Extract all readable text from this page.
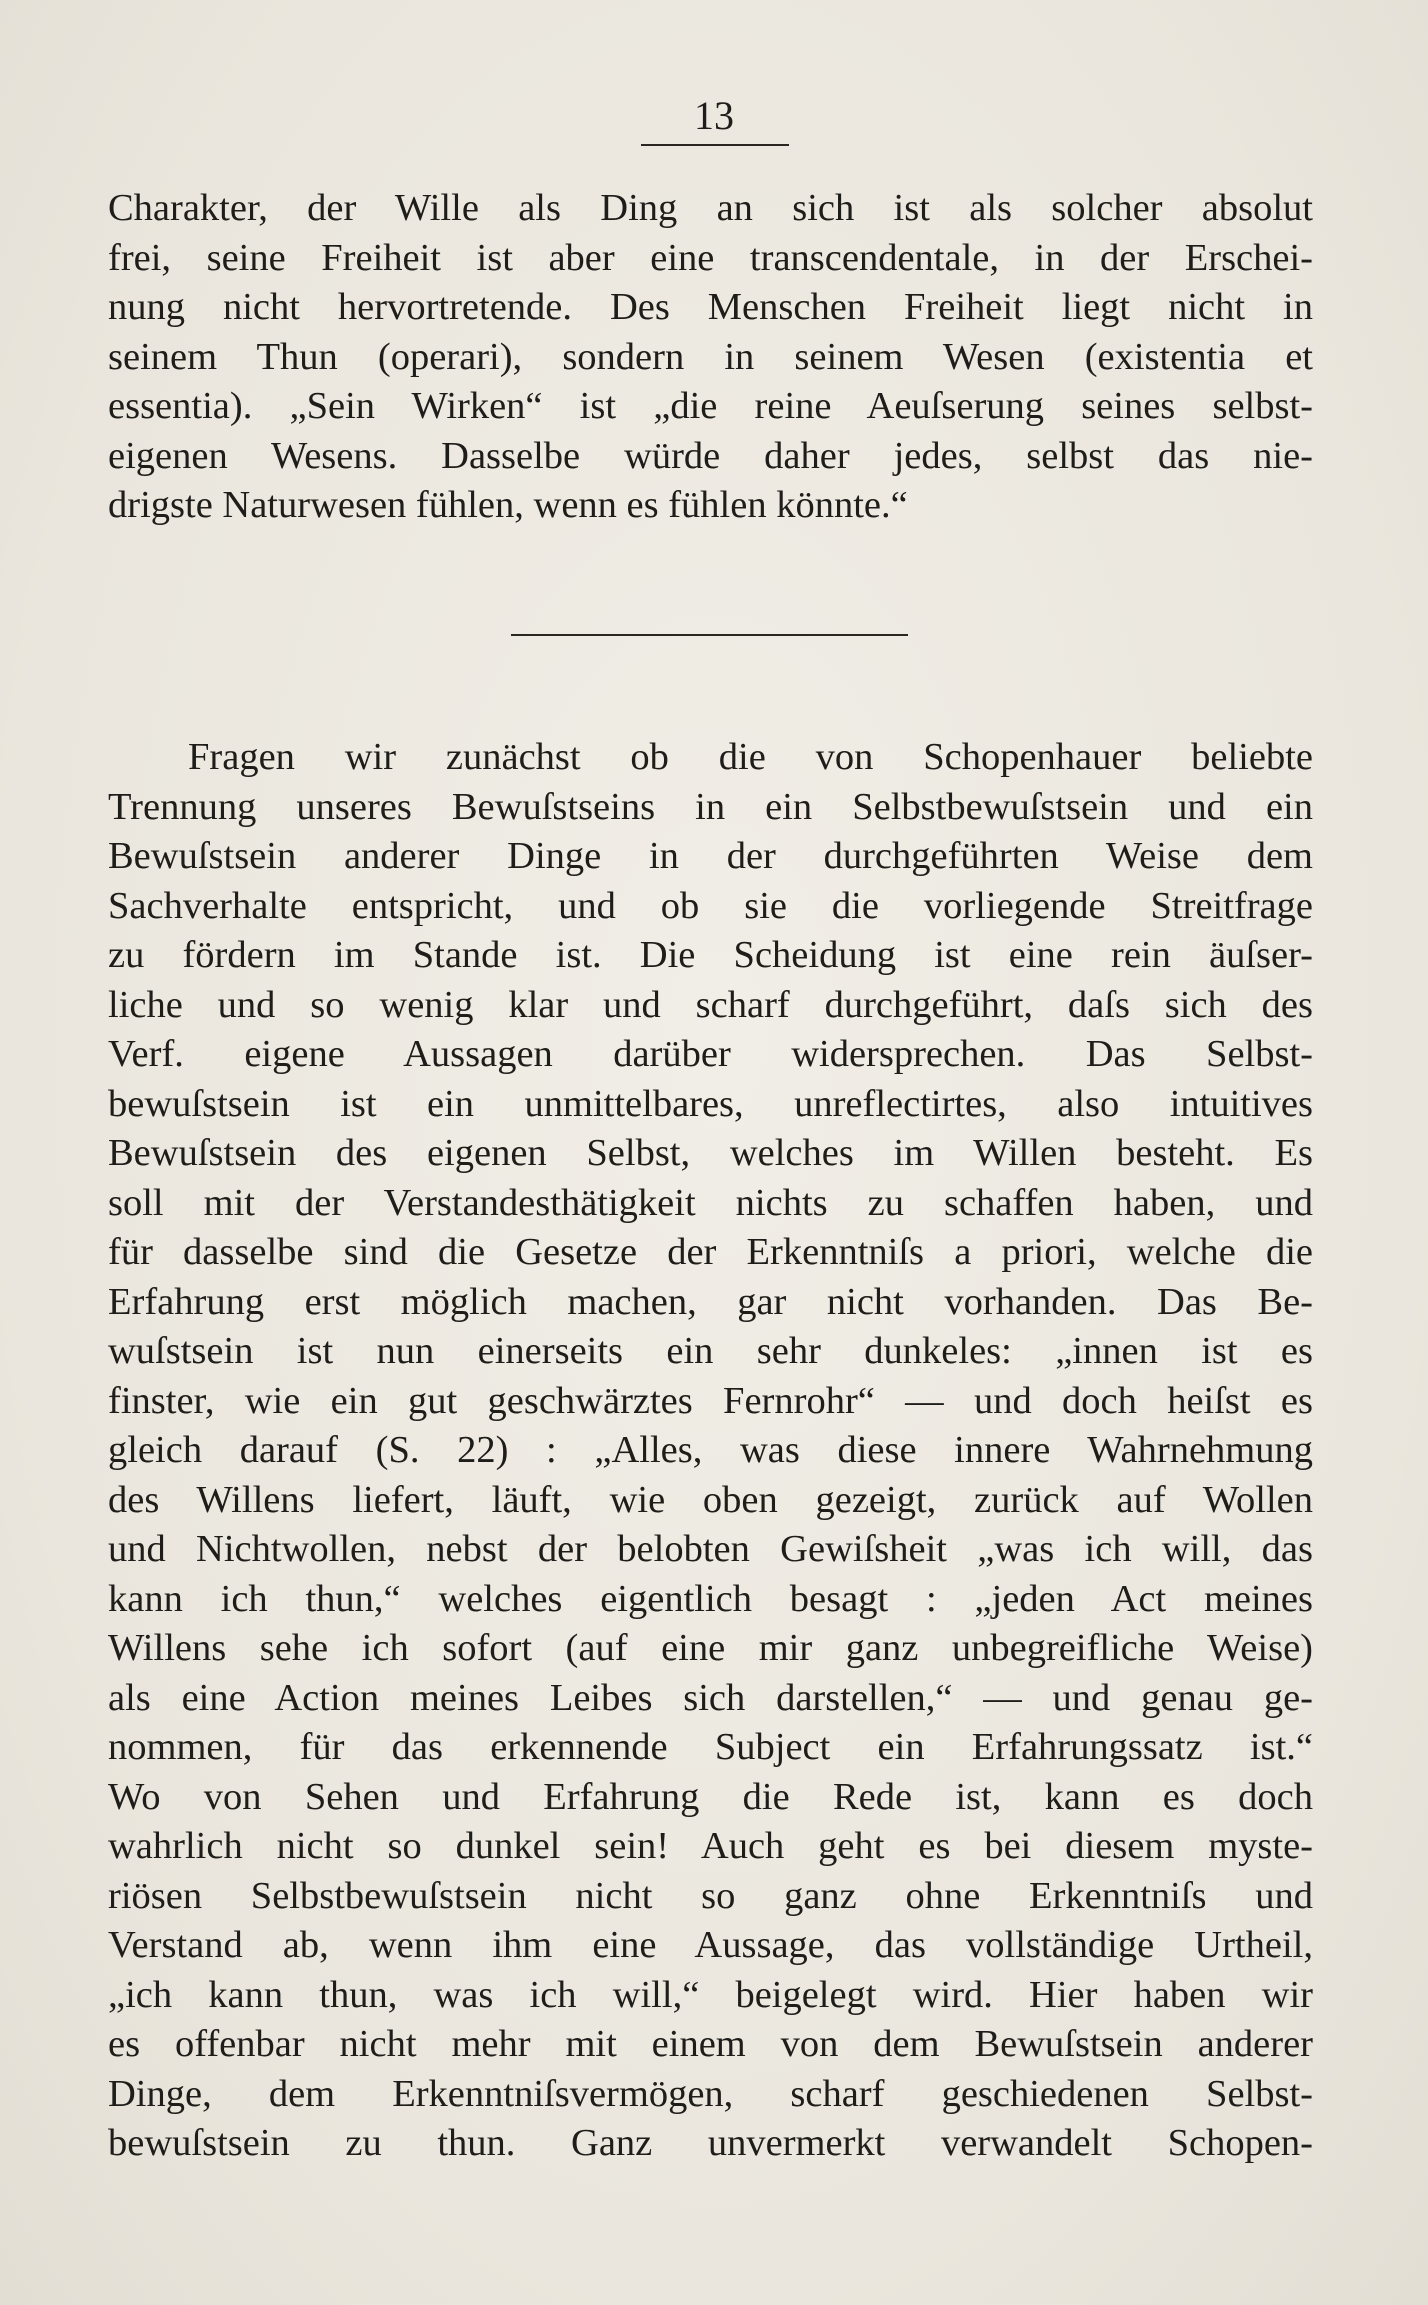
13
Charakter, der Wille als Ding an sich ist als solcher absolut
frei, seine Freiheit ist aber eine transcendentale, in der Erschei-
nung nicht hervortretende. Des Menschen Freiheit liegt nicht in
seinem Thun (operari), sondern in seinem Wesen (existentia et
essentia). „Sein Wirken“ ist „die reine Aeuſserung seines selbst-
eigenen Wesens. Dasselbe würde daher jedes, selbst das nie-
drigste Naturwesen fühlen, wenn es fühlen könnte.“
Fragen wir zunächst ob die von Schopenhauer beliebte
Trennung unseres Bewuſstseins in ein Selbstbewuſstsein und ein
Bewuſstsein anderer Dinge in der durchgeführten Weise dem
Sachverhalte entspricht, und ob sie die vorliegende Streitfrage
zu fördern im Stande ist. Die Scheidung ist eine rein äuſser-
liche und so wenig klar und scharf durchgeführt, daſs sich des
Verf. eigene Aussagen darüber widersprechen. Das Selbst-
bewuſstsein ist ein unmittelbares, unreflectirtes, also intuitives
Bewuſstsein des eigenen Selbst, welches im Willen besteht. Es
soll mit der Verstandesthätigkeit nichts zu schaffen haben, und
für dasselbe sind die Gesetze der Erkenntniſs a priori, welche die
Erfahrung erst möglich machen, gar nicht vorhanden. Das Be-
wuſstsein ist nun einerseits ein sehr dunkeles: „innen ist es
finster, wie ein gut geschwärztes Fernrohr“ — und doch heiſst es
gleich darauf (S. 22) : „Alles, was diese innere Wahrnehmung
des Willens liefert, läuft, wie oben gezeigt, zurück auf Wollen
und Nichtwollen, nebst der belobten Gewiſsheit „was ich will, das
kann ich thun,“ welches eigentlich besagt : „jeden Act meines
Willens sehe ich sofort (auf eine mir ganz unbegreifliche Weise)
als eine Action meines Leibes sich darstellen,“ — und genau ge-
nommen, für das erkennende Subject ein Erfahrungssatz ist.“
Wo von Sehen und Erfahrung die Rede ist, kann es doch
wahrlich nicht so dunkel sein! Auch geht es bei diesem myste-
riösen Selbstbewuſstsein nicht so ganz ohne Erkenntniſs und
Verstand ab, wenn ihm eine Aussage, das vollständige Urtheil,
„ich kann thun, was ich will,“ beigelegt wird. Hier haben wir
es offenbar nicht mehr mit einem von dem Bewuſstsein anderer
Dinge, dem Erkenntniſsvermögen, scharf geschiedenen Selbst-
bewuſstsein zu thun. Ganz unvermerkt verwandelt Schopen-
